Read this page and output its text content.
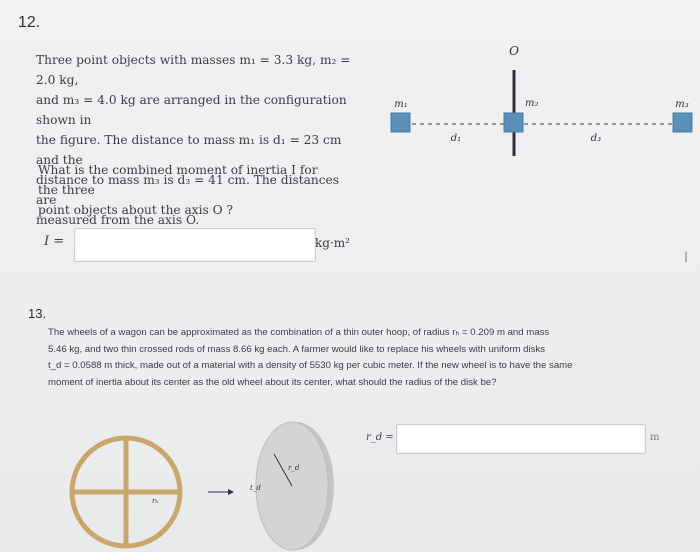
12.
Three point objects with masses m₁ = 3.3 kg, m₂ = 2.0 kg,
and m₃ = 4.0 kg are arranged in the configuration shown in
the figure. The distance to mass m₁ is d₁ = 23 cm and the
distance to mass m₃ is d₃ = 41 cm. The distances are
measured from the axis O.
What is the combined moment of inertia I for the three
point objects about the axis O ?
I =	kg·m²
O
m₁	m₂	m₃
d₁	d₃
I
13.
The wheels of a wagon can be approximated as the combination of a thin outer hoop, of radius rₕ = 0.209 m and mass
5.46 kg, and two thin crossed rods of mass 8.66 kg each. A farmer would like to replace his wheels with uniform disks
t_d = 0.0588 m thick, made out of a material with a density of 5530 kg per cubic meter. If the new wheel is to have the same
moment of inertia about its center as the old wheel about its center, what should the radius of the disk be?
r_d =	m
rₕ
r_d
t_d
